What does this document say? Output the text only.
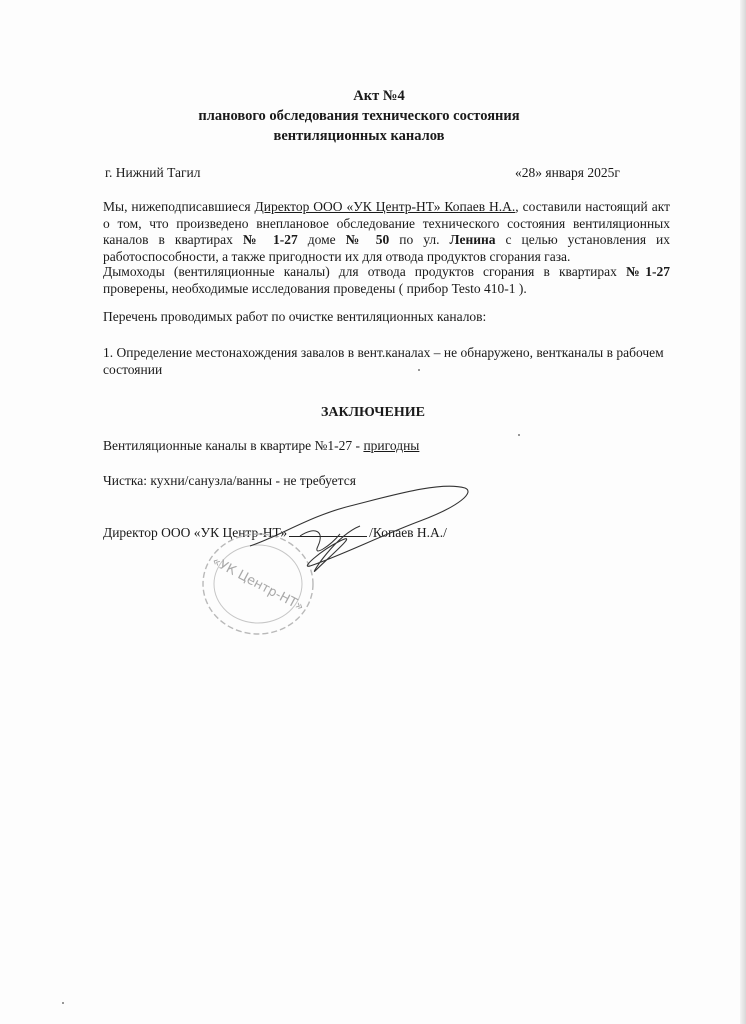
Акт №4
планового обследования технического состояния
вентиляционных каналов
г. Нижний Тагил	«28» января 2025г
Мы, нижеподписавшиеся Директор ООО «УК Центр-НТ» Копаев Н.А., составили настоящий акт о том, что произведено внеплановое обследование технического состояния вентиляционных каналов в квартирах № 1-27 доме № 50 по ул. Ленина с целью установления их работоспособности, а также пригодности их для отвода продуктов сгорания газа.
Дымоходы (вентиляционные каналы) для отвода продуктов сгорания в квартирах №1-27 проверены, необходимые исследования проведены ( прибор Testo 410-1 ).
Перечень проводимых работ по очистке вентиляционных каналов:
1. Определение местонахождения завалов в вент.каналах – не обнаружено, вентканалы в рабочем состоянии
ЗАКЛЮЧЕНИЕ
Вентиляционные каналы в квартире №1-27 - пригодны
Чистка: кухни/санузла/ванны - не требуется
Директор ООО «УК Центр-НТ»	/Копаев Н.А./
«УК Центр-НТ»
